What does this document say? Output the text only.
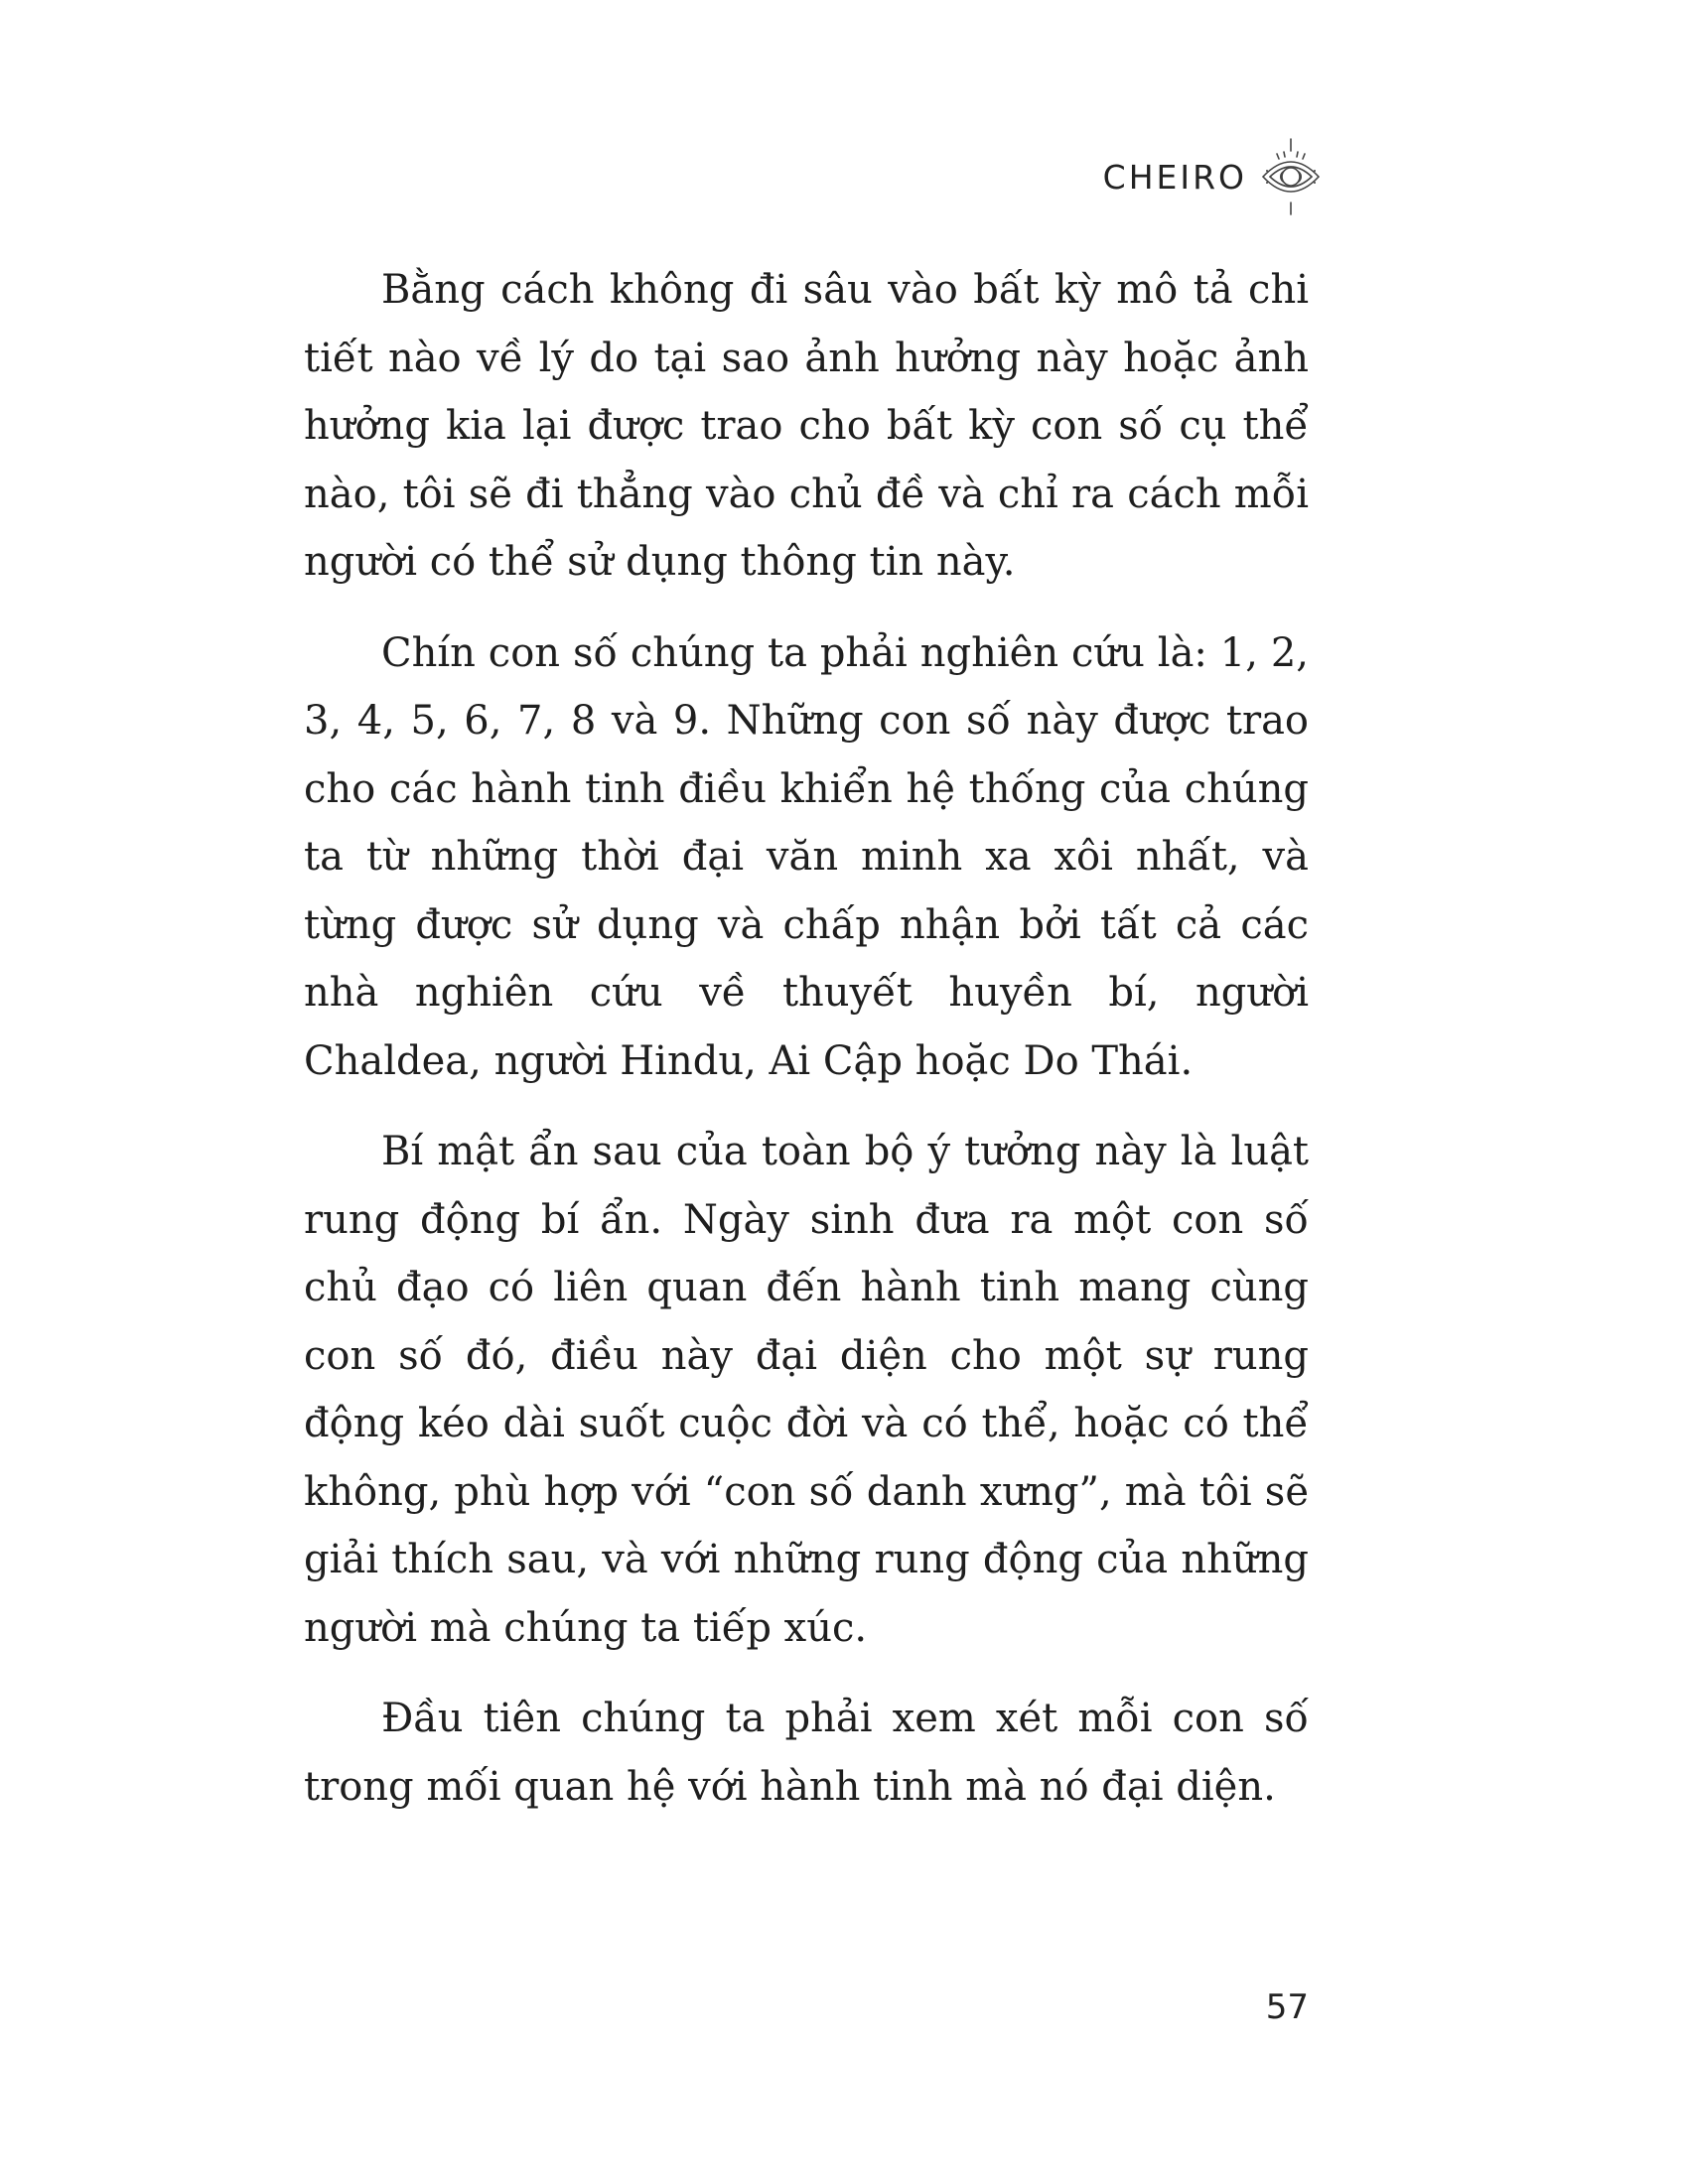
CHEIRO

Bằng cách không đi sâu vào bất kỳ mô tả chi tiết nào về lý do tại sao ảnh hưởng này hoặc ảnh hưởng kia lại được trao cho bất kỳ con số cụ thể nào, tôi sẽ đi thẳng vào chủ đề và chỉ ra cách mỗi người có thể sử dụng thông tin này.

Chín con số chúng ta phải nghiên cứu là: 1, 2, 3, 4, 5, 6, 7, 8 và 9. Những con số này được trao cho các hành tinh điều khiển hệ thống của chúng ta từ những thời đại văn minh xa xôi nhất, và từng được sử dụng và chấp nhận bởi tất cả các nhà nghiên cứu về thuyết huyền bí, người Chaldea, người Hindu, Ai Cập hoặc Do Thái.

Bí mật ẩn sau của toàn bộ ý tưởng này là luật rung động bí ẩn. Ngày sinh đưa ra một con số chủ đạo có liên quan đến hành tinh mang cùng con số đó, điều này đại diện cho một sự rung động kéo dài suốt cuộc đời và có thể, hoặc có thể không, phù hợp với “con số danh xưng”, mà tôi sẽ giải thích sau, và với những rung động của những người mà chúng ta tiếp xúc.

Đầu tiên chúng ta phải xem xét mỗi con số trong mối quan hệ với hành tinh mà nó đại diện.

57
